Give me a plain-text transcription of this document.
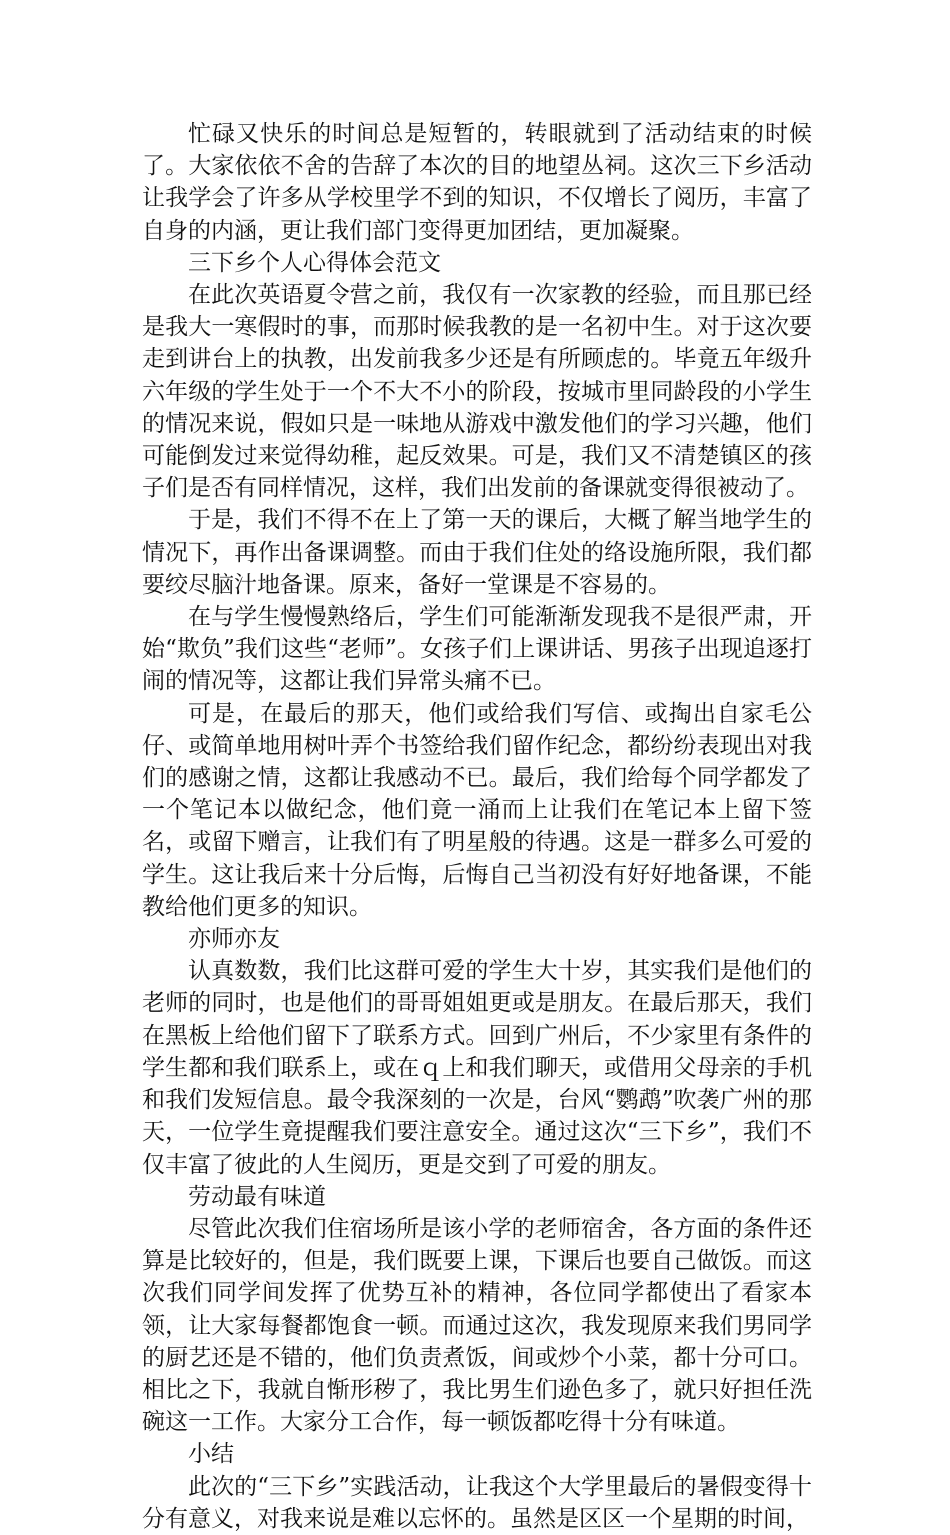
忙碌又快乐的时间总是短暂的，转眼就到了活动结束的时候了。大家依依不舍的告辞了本次的目的地望丛祠。这次三下乡活动让我学会了许多从学校里学不到的知识，不仅增长了阅历，丰富了自身的内涵，更让我们部门变得更加团结，更加凝聚。

三下乡个人心得体会范文

在此次英语夏令营之前，我仅有一次家教的经验，而且那已经是我大一寒假时的事，而那时候我教的是一名初中生。对于这次要走到讲台上的执教，出发前我多少还是有所顾虑的。毕竟五年级升六年级的学生处于一个不大不小的阶段，按城市里同龄段的小学生的情况来说，假如只是一味地从游戏中激发他们的学习兴趣，他们可能倒发过来觉得幼稚，起反效果。可是，我们又不清楚镇区的孩子们是否有同样情况，这样，我们出发前的备课就变得很被动了。

于是，我们不得不在上了第一天的课后，大概了解当地学生的情况下，再作出备课调整。而由于我们住处的络设施所限，我们都要绞尽脑汁地备课。原来，备好一堂课是不容易的。

在与学生慢慢熟络后，学生们可能渐渐发现我不是很严肃，开始“欺负”我们这些“老师”。女孩子们上课讲话、男孩子出现追逐打闹的情况等，这都让我们异常头痛不已。

可是，在最后的那天，他们或给我们写信、或掏出自家毛公仔、或简单地用树叶弄个书签给我们留作纪念，都纷纷表现出对我们的感谢之情，这都让我感动不已。最后，我们给每个同学都发了一个笔记本以做纪念，他们竟一涌而上让我们在笔记本上留下签名，或留下赠言，让我们有了明星般的待遇。这是一群多么可爱的学生。这让我后来十分后悔，后悔自己当初没有好好地备课，不能教给他们更多的知识。

亦师亦友

认真数数，我们比这群可爱的学生大十岁，其实我们是他们的老师的同时，也是他们的哥哥姐姐更或是朋友。在最后那天，我们在黑板上给他们留下了联系方式。回到广州后，不少家里有条件的学生都和我们联系上，或在ｑ上和我们聊天，或借用父母亲的手机和我们发短信息。最令我深刻的一次是，台风“鹦鹉”吹袭广州的那天，一位学生竟提醒我们要注意安全。通过这次“三下乡”，我们不仅丰富了彼此的人生阅历，更是交到了可爱的朋友。

劳动最有味道

尽管此次我们住宿场所是该小学的老师宿舍，各方面的条件还算是比较好的，但是，我们既要上课，下课后也要自己做饭。而这次我们同学间发挥了优势互补的精神，各位同学都使出了看家本领，让大家每餐都饱食一顿。而通过这次，我发现原来我们男同学的厨艺还是不错的，他们负责煮饭，间或炒个小菜，都十分可口。相比之下，我就自惭形秽了，我比男生们逊色多了，就只好担任洗碗这一工作。大家分工合作，每一顿饭都吃得十分有味道。

小结

此次的“三下乡”实践活动，让我这个大学里最后的暑假变得十分有意义，对我来说是难以忘怀的。虽然是区区一个星期的时间，
